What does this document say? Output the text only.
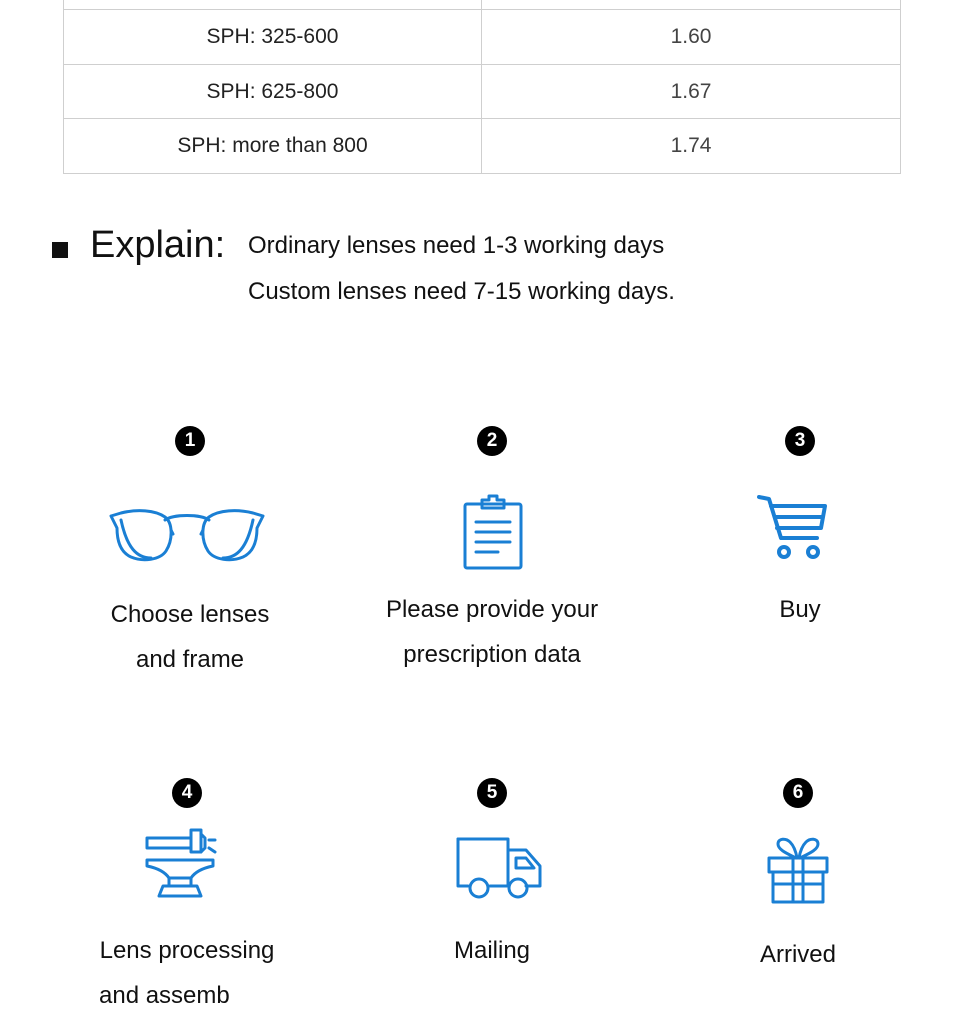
SPH: 325-600	1.60
SPH: 625-800	1.67
SPH: more than 800	1.74
Explain: Ordinary lenses need 1-3 working days
Custom lenses need 7-15 working days.
1
Choose lenses
and frame
2
Please provide your
prescription data
3
Buy
4
Lens processing
and assemb
5
Mailing
6
Arrived
